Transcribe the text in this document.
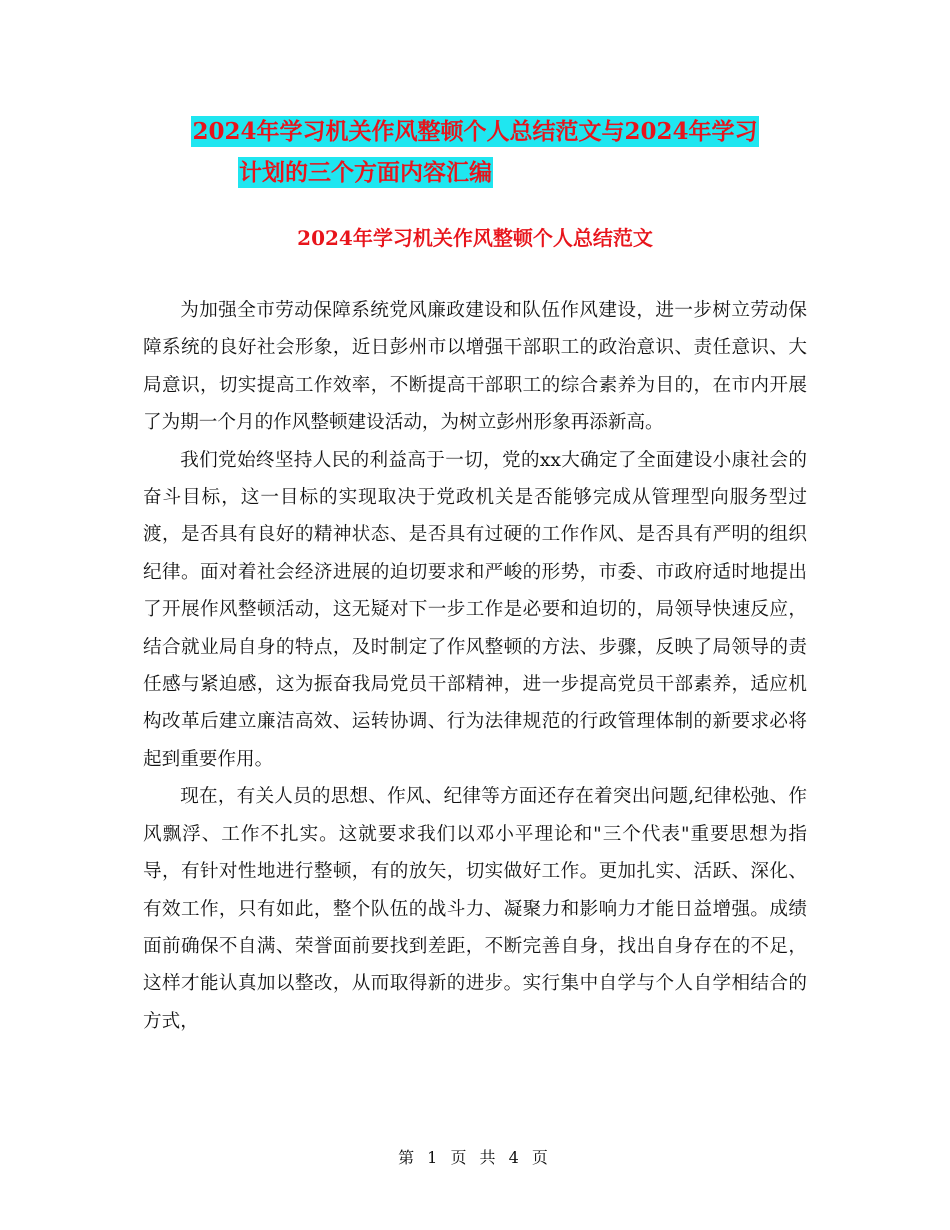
2024年学习机关作风整顿个人总结范文与2024年学习
计划的三个方面内容汇编
2024年学习机关作风整顿个人总结范文

为加强全市劳动保障系统党风廉政建设和队伍作风建设，进一步树立劳动保障系统的良好社会形象，近日彭州市以增强干部职工的政治意识、责任意识、大局意识，切实提高工作效率，不断提高干部职工的综合素养为目的，在市内开展了为期一个月的作风整顿建设活动，为树立彭州形象再添新高。

我们党始终坚持人民的利益高于一切，党的xx大确定了全面建设小康社会的奋斗目标，这一目标的实现取决于党政机关是否能够完成从管理型向服务型过渡，是否具有良好的精神状态、是否具有过硬的工作作风、是否具有严明的组织纪律。面对着社会经济进展的迫切要求和严峻的形势，市委、市政府适时地提出了开展作风整顿活动，这无疑对下一步工作是必要和迫切的，局领导快速反应，结合就业局自身的特点，及时制定了作风整顿的方法、步骤，反映了局领导的责任感与紧迫感，这为振奋我局党员干部精神，进一步提高党员干部素养，适应机构改革后建立廉洁高效、运转协调、行为法律规范的行政管理体制的新要求必将起到重要作用。

现在，有关人员的思想、作风、纪律等方面还存在着突出问题,纪律松弛、作风飘浮、工作不扎实。这就要求我们以邓小平理论和"三个代表"重要思想为指导，有针对性地进行整顿，有的放矢，切实做好工作。更加扎实、活跃、深化、有效工作，只有如此，整个队伍的战斗力、凝聚力和影响力才能日益增强。成绩面前确保不自满、荣誉面前要找到差距，不断完善自身，找出自身存在的不足，这样才能认真加以整改，从而取得新的进步。实行集中自学与个人自学相结合的方式，

第 1 页 共 4 页
